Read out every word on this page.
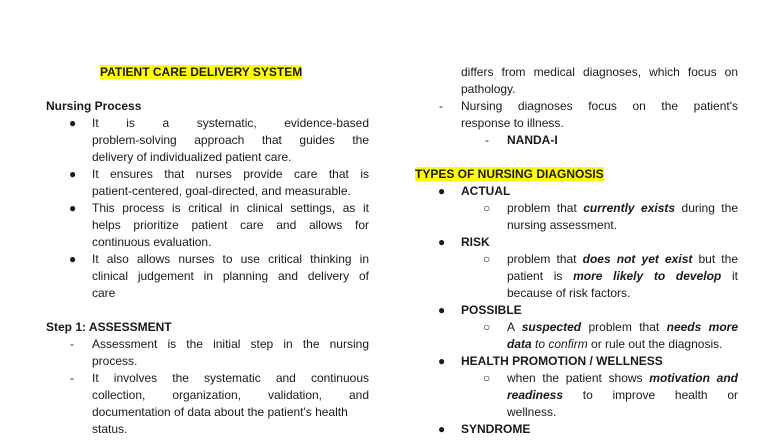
PATIENT CARE DELIVERY SYSTEM
Nursing Process
● It is a systematic, evidence-based
problem-solving approach that guides the
delivery of individualized patient care.
● It ensures that nurses provide care that is
patient-centered, goal-directed, and measurable.
● This process is critical in clinical settings, as it
helps prioritize patient care and allows for
continuous evaluation.
● It also allows nurses to use critical thinking in
clinical judgement in planning and delivery of
care
Step 1: ASSESSMENT
- Assessment is the initial step in the nursing
process.
- It involves the systematic and continuous
collection, organization, validation, and
documentation of data about the patient's health
status.
differs from medical diagnoses, which focus on
pathology.
- Nursing diagnoses focus on the patient's
response to illness.
- NANDA-I
TYPES OF NURSING DIAGNOSIS
● ACTUAL
○ problem that currently exists during the
nursing assessment.
● RISK
○ problem that does not yet exist but the
patient is more likely to develop it
because of risk factors.
● POSSIBLE
○ A suspected problem that needs more
data to confirm or rule out the diagnosis.
● HEALTH PROMOTION / WELLNESS
○ when the patient shows motivation and
readiness to improve health or
wellness.
● SYNDROME
